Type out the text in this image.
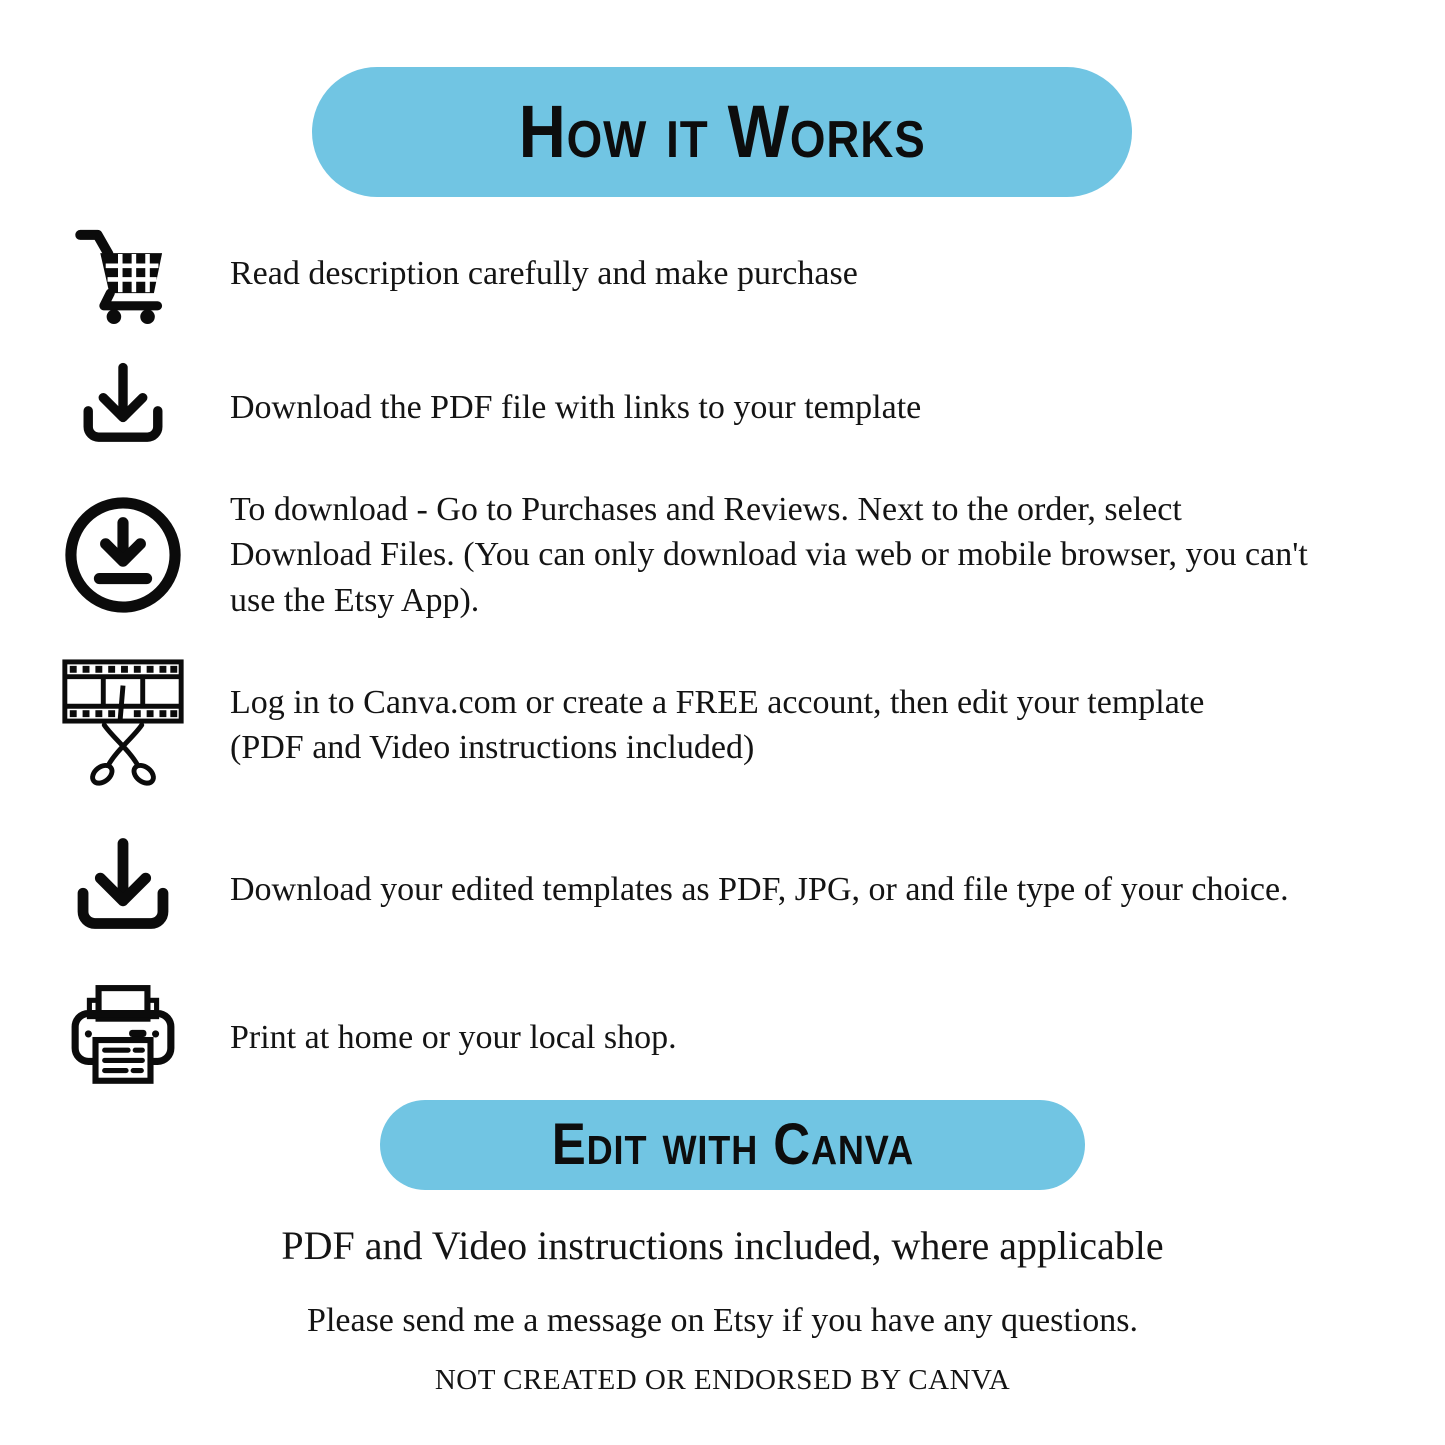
How it Works
Read description carefully and make purchase
Download the PDF file with links to your template
To download - Go to Purchases and Reviews. Next to the order, select Download Files. (You can only download via web or mobile browser, you can't use the Etsy App).
Log in to Canva.com or create a FREE account, then edit your template (PDF and Video instructions included)
Download your edited templates as PDF, JPG, or and file type of your choice.
Print at home or your local shop.
Edit with Canva

PDF and Video instructions included, where applicable

Please send me a message on Etsy if you have any questions.

NOT CREATED OR ENDORSED BY CANVA
